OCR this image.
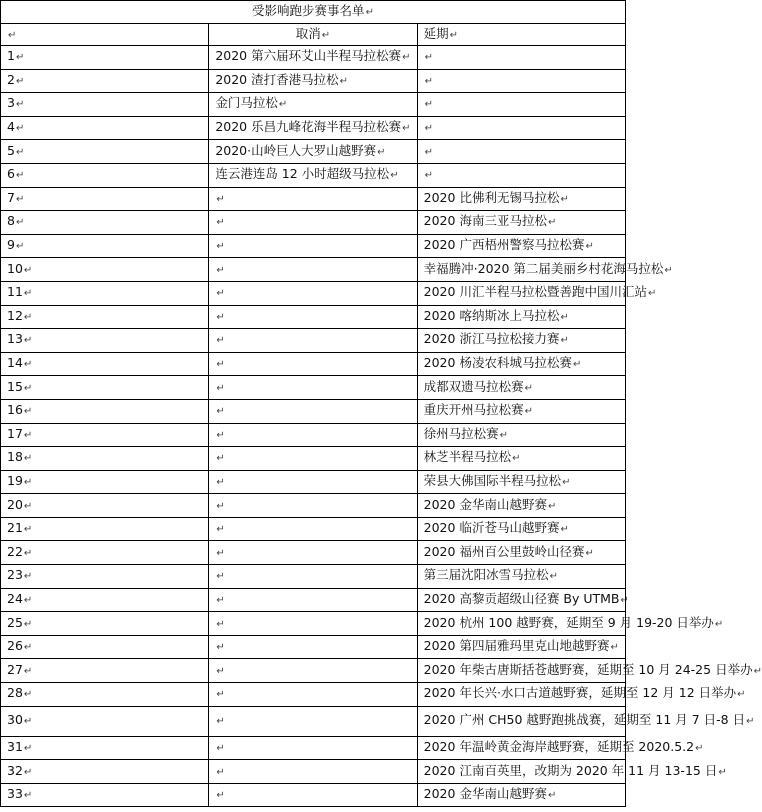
受影响跑步赛事名单↵		
↵	取消↵	延期↵
1↵	2020 第六届环艾山半程马拉松赛↵	↵
2↵	2020 渣打香港马拉松↵	↵
3↵	金门马拉松↵	↵
4↵	2020 乐昌九峰花海半程马拉松赛↵	↵
5↵	2020·山岭巨人大罗山越野赛↵	↵
6↵	连云港连岛 12 小时超级马拉松↵	↵
7↵	↵	2020 比佛利无锡马拉松↵
8↵	↵	2020 海南三亚马拉松↵
9↵	↵	2020 广西梧州警察马拉松赛↵
10↵	↵	幸福腾冲·2020 第二届美丽乡村花海马拉松↵
11↵	↵	2020 川汇半程马拉松暨善跑中国川汇站↵
12↵	↵	2020 喀纳斯冰上马拉松↵
13↵	↵	2020 浙江马拉松接力赛↵
14↵	↵	2020 杨凌农科城马拉松赛↵
15↵	↵	成都双遗马拉松赛↵
16↵	↵	重庆开州马拉松赛↵
17↵	↵	徐州马拉松赛↵
18↵	↵	林芝半程马拉松↵
19↵	↵	荣县大佛国际半程马拉松↵
20↵	↵	2020 金华南山越野赛↵
21↵	↵	2020 临沂苍马山越野赛↵
22↵	↵	2020 福州百公里鼓岭山径赛↵
23↵	↵	第三届沈阳冰雪马拉松↵
24↵	↵	2020 高黎贡超级山径赛 By UTMB↵
25↵	↵	2020 杭州 100 越野赛，延期至 9 月 19-20 日举办↵
26↵	↵	2020 第四届雅玛里克山地越野赛↵
27↵	↵	2020 年柴古唐斯括苍越野赛，延期至 10 月 24-25 日举办↵
28↵	↵	2020 年长兴·水口古道越野赛，延期至 12 月 12 日举办↵
30↵	↵	2020 广州 CH50 越野跑挑战赛，延期至 11 月 7 日-8 日↵
31↵	↵	2020 年温岭黄金海岸越野赛，延期至 2020.5.2↵
32↵	↵	2020 江南百英里，改期为 2020 年 11 月 13-15 日↵
33↵	↵	2020 金华南山越野赛↵
